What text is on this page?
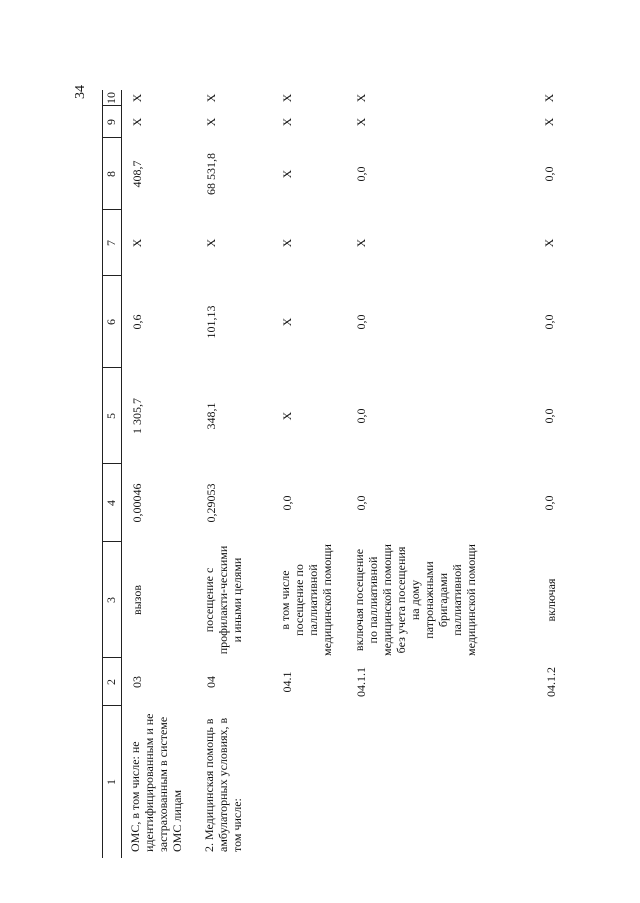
34
1
2
3
4
5
6
7
8
9
10
ОМС, в том числе: не идентифицированным и не застрахованным в системе ОМС лицам
03
вызов
0,00046
1 305,7
0,6
Х
408,7
Х
Х
2. Медицинская помощь в амбулаторных условиях, в том числе:
04
посещение с профилакти-ческими и иными целями
0,29053
348,1
101,13
Х
68 531,8
Х
Х
04.1
в том числе посещение по паллиативной медицинской помощи
0,0
Х
Х
Х
Х
Х
Х
04.1.1
включая посещение по паллиативной медицинской помощи без учета посещения на дому патронажными бригадами паллиативной медицинской помощи
0,0
0,0
0,0
Х
0,0
Х
Х
04.1.2
включая
0,0
0,0
0,0
Х
0,0
Х
Х
